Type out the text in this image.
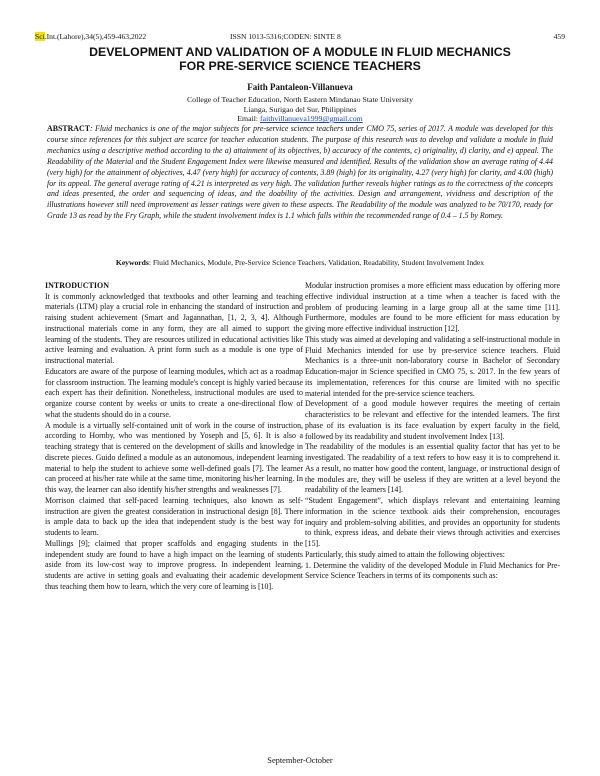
Sci.Int.(Lahore),34(5),459-463,2022	ISSN 1013-5316;CODEN: SINTE 8	459
DEVELOPMENT AND VALIDATION OF A MODULE IN FLUID MECHANICS
FOR PRE-SERVICE SCIENCE TEACHERS
Faith Pantaleon-Villanueva
College of Teacher Education, North Eastern Mindanao State University
Lianga, Surigao del Sur, Philippines
Email: faithvillanueva1999@gmail.com
ABSTRACT: Fluid mechanics is one of the major subjects for pre-service science teachers under CMO 75, series of 2017. A module was developed for this course since references for this subject are scarce for teacher education students. The purpose of this research was to develop and validate a module in fluid mechanics using a descriptive method according to the a) attainment of its objectives, b) accuracy of the contents, c) originality, d) clarity, and e) appeal. The Readability of the Material and the Student Engagement Index were likewise measured and identified. Results of the validation show an average rating of 4.44 (very high) for the attainment of objectives, 4.47 (very high) for accuracy of contents, 3.89 (high) for its originality, 4.27 (very high) for clarity, and 4.00 (high) for its appeal. The general average rating of 4.21 is interpreted as very high. The validation further reveals higher ratings as to the correctness of the concepts and ideas presented, the order and sequencing of ideas, and the doability of the activities. Design and arrangement, vividness and description of the illustrations however still need improvement as lesser ratings were given to these aspects. The Readability of the module was analyzed to be 70/170, ready for Grade 13 as read by the Fry Graph, while the student involvement index is 1.1 which falls within the recommended range of 0.4 – 1.5 by Romey.
Keywords: Fluid Mechanics, Module, Pre-Service Science Teachers, Validation, Readability, Student Involvement Index
INTRODUCTION

It is commonly acknowledged that textbooks and other learning and teaching materials (LTM) play a crucial role in enhancing the standard of instruction and raising student achievement (Smart and Jagannathan, [1, 2, 3, 4]. Although instructional materials come in any form, they are all aimed to support the learning of the students. They are resources utilized in educational activities like active learning and evaluation. A print form such as a module is one type of instructional material.

Educators are aware of the purpose of learning modules, which act as a roadmap for classroom instruction. The learning module's concept is highly varied because each expert has their definition. Nonetheless, instructional modules are used to organize course content by weeks or units to create a one-directional flow of what the students should do in a course.

A module is a virtually self-contained unit of work in the course of instruction, according to Hornby, who was mentioned by Yoseph and [5, 6]. It is also a teaching strategy that is centered on the development of skills and knowledge in discrete pieces. Guido defined a module as an autonomous, independent learning material to help the student to achieve some well-defined goals [7]. The learner can proceed at his/her rate while at the same time, monitoring his/her learning. In this way, the learner can also identify his/her strengths and weaknesses [7].

Morrison claimed that self-paced learning techniques, also known as self-instruction are given the greatest consideration in instructional design [8]. There is ample data to back up the idea that independent study is the best way for students to learn.

Mullings [9]; claimed that proper scaffolds and engaging students in the independent study are found to have a high impact on the learning of students aside from its low-cost way to improve progress. In independent learning, students are active in setting goals and evaluating their academic development thus teaching them how to learn, which the very core of learning is [10].

Modular instruction promises a more efficient mass education by offering more effective individual instruction at a time when a teacher is faced with the problem of producing learning in a large group all at the same time [11]. Furthermore, modules are found to be more efficient for mass education by giving more effective individual instruction [12].

This study was aimed at developing and validating a self-instructional module in Fluid Mechanics intended for use by pre-service science teachers. Fluid Mechanics is a three-unit non-laboratory course in Bachelor of Secondary Education-major in Science specified in CMO 75, s. 2017. In the few years of its implementation, references for this course are limited with no specific material intended for the pre-service science teachers.

Development of a good module however requires the meeting of certain characteristics to be relevant and effective for the intended learners. The first phase of its evaluation is its face evaluation by expert faculty in the field, followed by its readability and student involvement Index [13].

The readability of the modules is an essential quality factor that has yet to be investigated. The readability of a text refers to how easy it is to comprehend it. As a result, no matter how good the content, language, or instructional design of the modules are, they will be useless if they are written at a level beyond the readability of the learners [14].

“Student Engagement”, which displays relevant and entertaining learning information in the science textbook aids their comprehension, encourages inquiry and problem-solving abilities, and provides an opportunity for students to think, express ideas, and debate their views through activities and exercises [15].

Particularly, this study aimed to attain the following objectives:

1. Determine the validity of the developed Module in Fluid Mechanics for Pre-Service Science Teachers in terms of its components such as:

September-October
